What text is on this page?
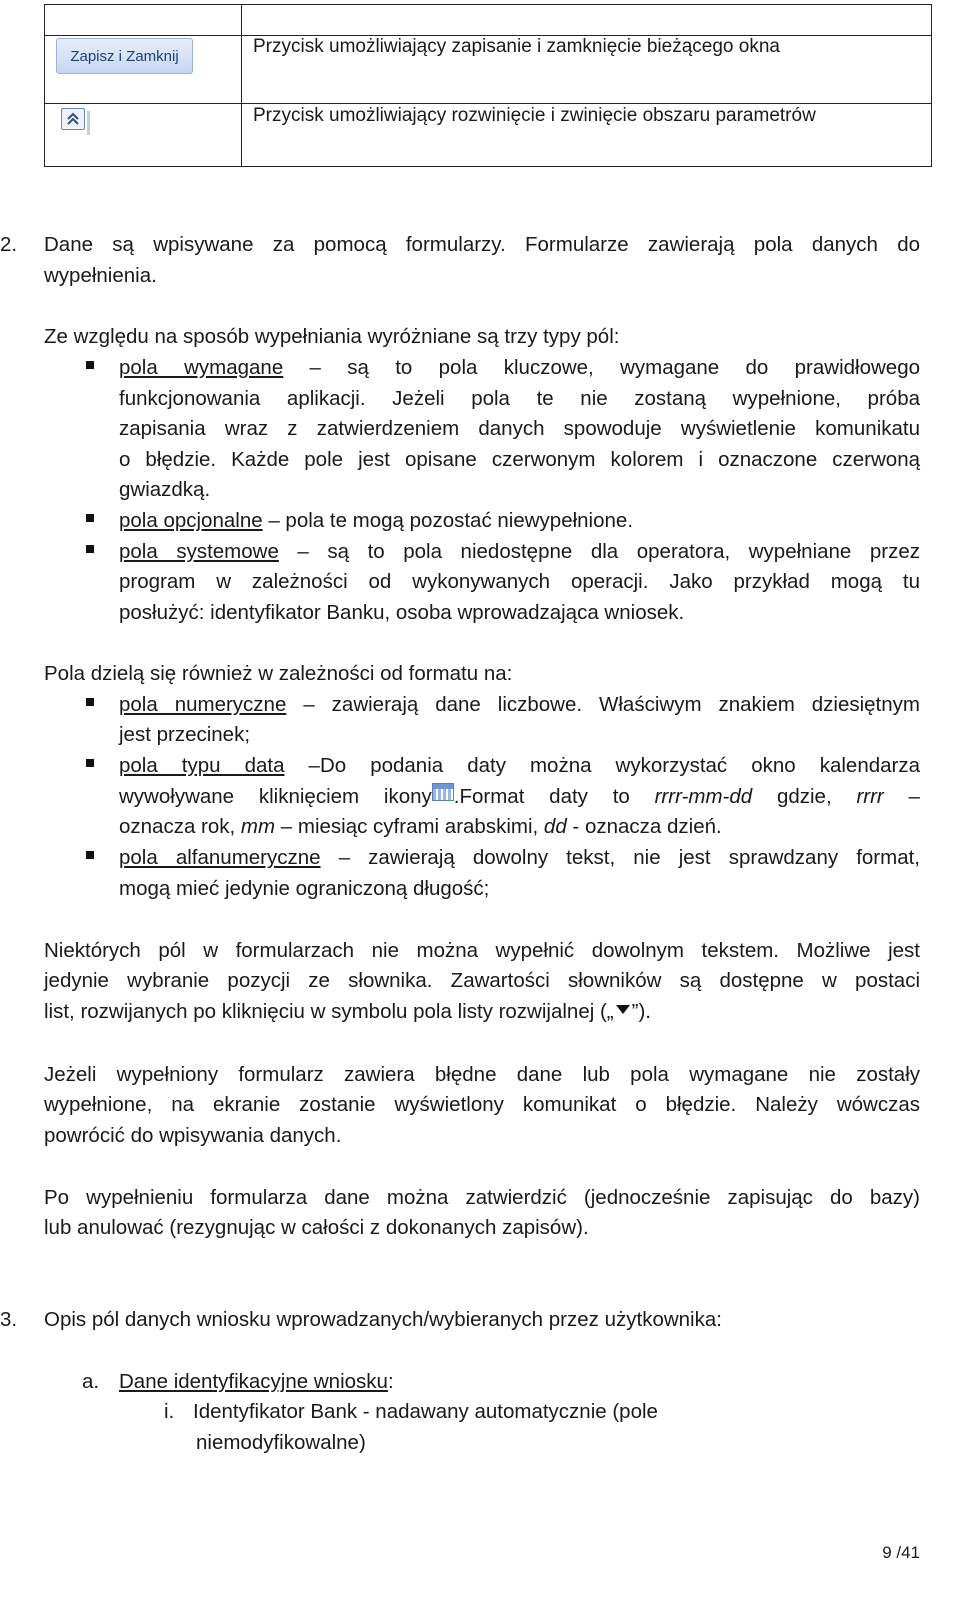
Zapisz i Zamknij	Przycisk umożliwiający zapisanie i zamknięcie bieżącego okna
Przycisk umożliwiający rozwinięcie i zwinięcie obszaru parametrów
2. Dane są wpisywane za pomocą formularzy. Formularze zawierają pola danych do
wypełnienia.
Ze względu na sposób wypełniania wyróżniane są trzy typy pól:
pola wymagane – są to pola kluczowe, wymagane do prawidłowego
funkcjonowania aplikacji. Jeżeli pola te nie zostaną wypełnione, próba
zapisania wraz z zatwierdzeniem danych spowoduje wyświetlenie komunikatu
o błędzie. Każde pole jest opisane czerwonym kolorem i oznaczone czerwoną
gwiazdką.
pola opcjonalne – pola te mogą pozostać niewypełnione.
pola systemowe – są to pola niedostępne dla operatora, wypełniane przez
program w zależności od wykonywanych operacji. Jako przykład mogą tu
posłużyć: identyfikator Banku, osoba wprowadzająca wniosek.
Pola dzielą się również w zależności od formatu na:
pola numeryczne – zawierają dane liczbowe. Właściwym znakiem dziesiętnym
jest przecinek;
pola typu data –Do podania daty można wykorzystać okno kalendarza
wywoływane kliknięciem ikony .Format daty to rrrr-mm-dd gdzie, rrrr –
oznacza rok, mm – miesiąc cyframi arabskimi, dd - oznacza dzień.
pola alfanumeryczne – zawierają dowolny tekst, nie jest sprawdzany format,
mogą mieć jedynie ograniczoną długość;
Niektórych pól w formularzach nie można wypełnić dowolnym tekstem. Możliwe jest
jedynie wybranie pozycji ze słownika. Zawartości słowników są dostępne w postaci
list, rozwijanych po kliknięciu w symbolu pola listy rozwijalnej („ ”).
Jeżeli wypełniony formularz zawiera błędne dane lub pola wymagane nie zostały
wypełnione, na ekranie zostanie wyświetlony komunikat o błędzie. Należy wówczas
powrócić do wpisywania danych.
Po wypełnieniu formularza dane można zatwierdzić (jednocześnie zapisując do bazy)
lub anulować (rezygnując w całości z dokonanych zapisów).
3. Opis pól danych wniosku wprowadzanych/wybieranych przez użytkownika:
a. Dane identyfikacyjne wniosku:
i. Identyfikator Bank - nadawany automatycznie (pole
niemodyfikowalne)
9 /41
